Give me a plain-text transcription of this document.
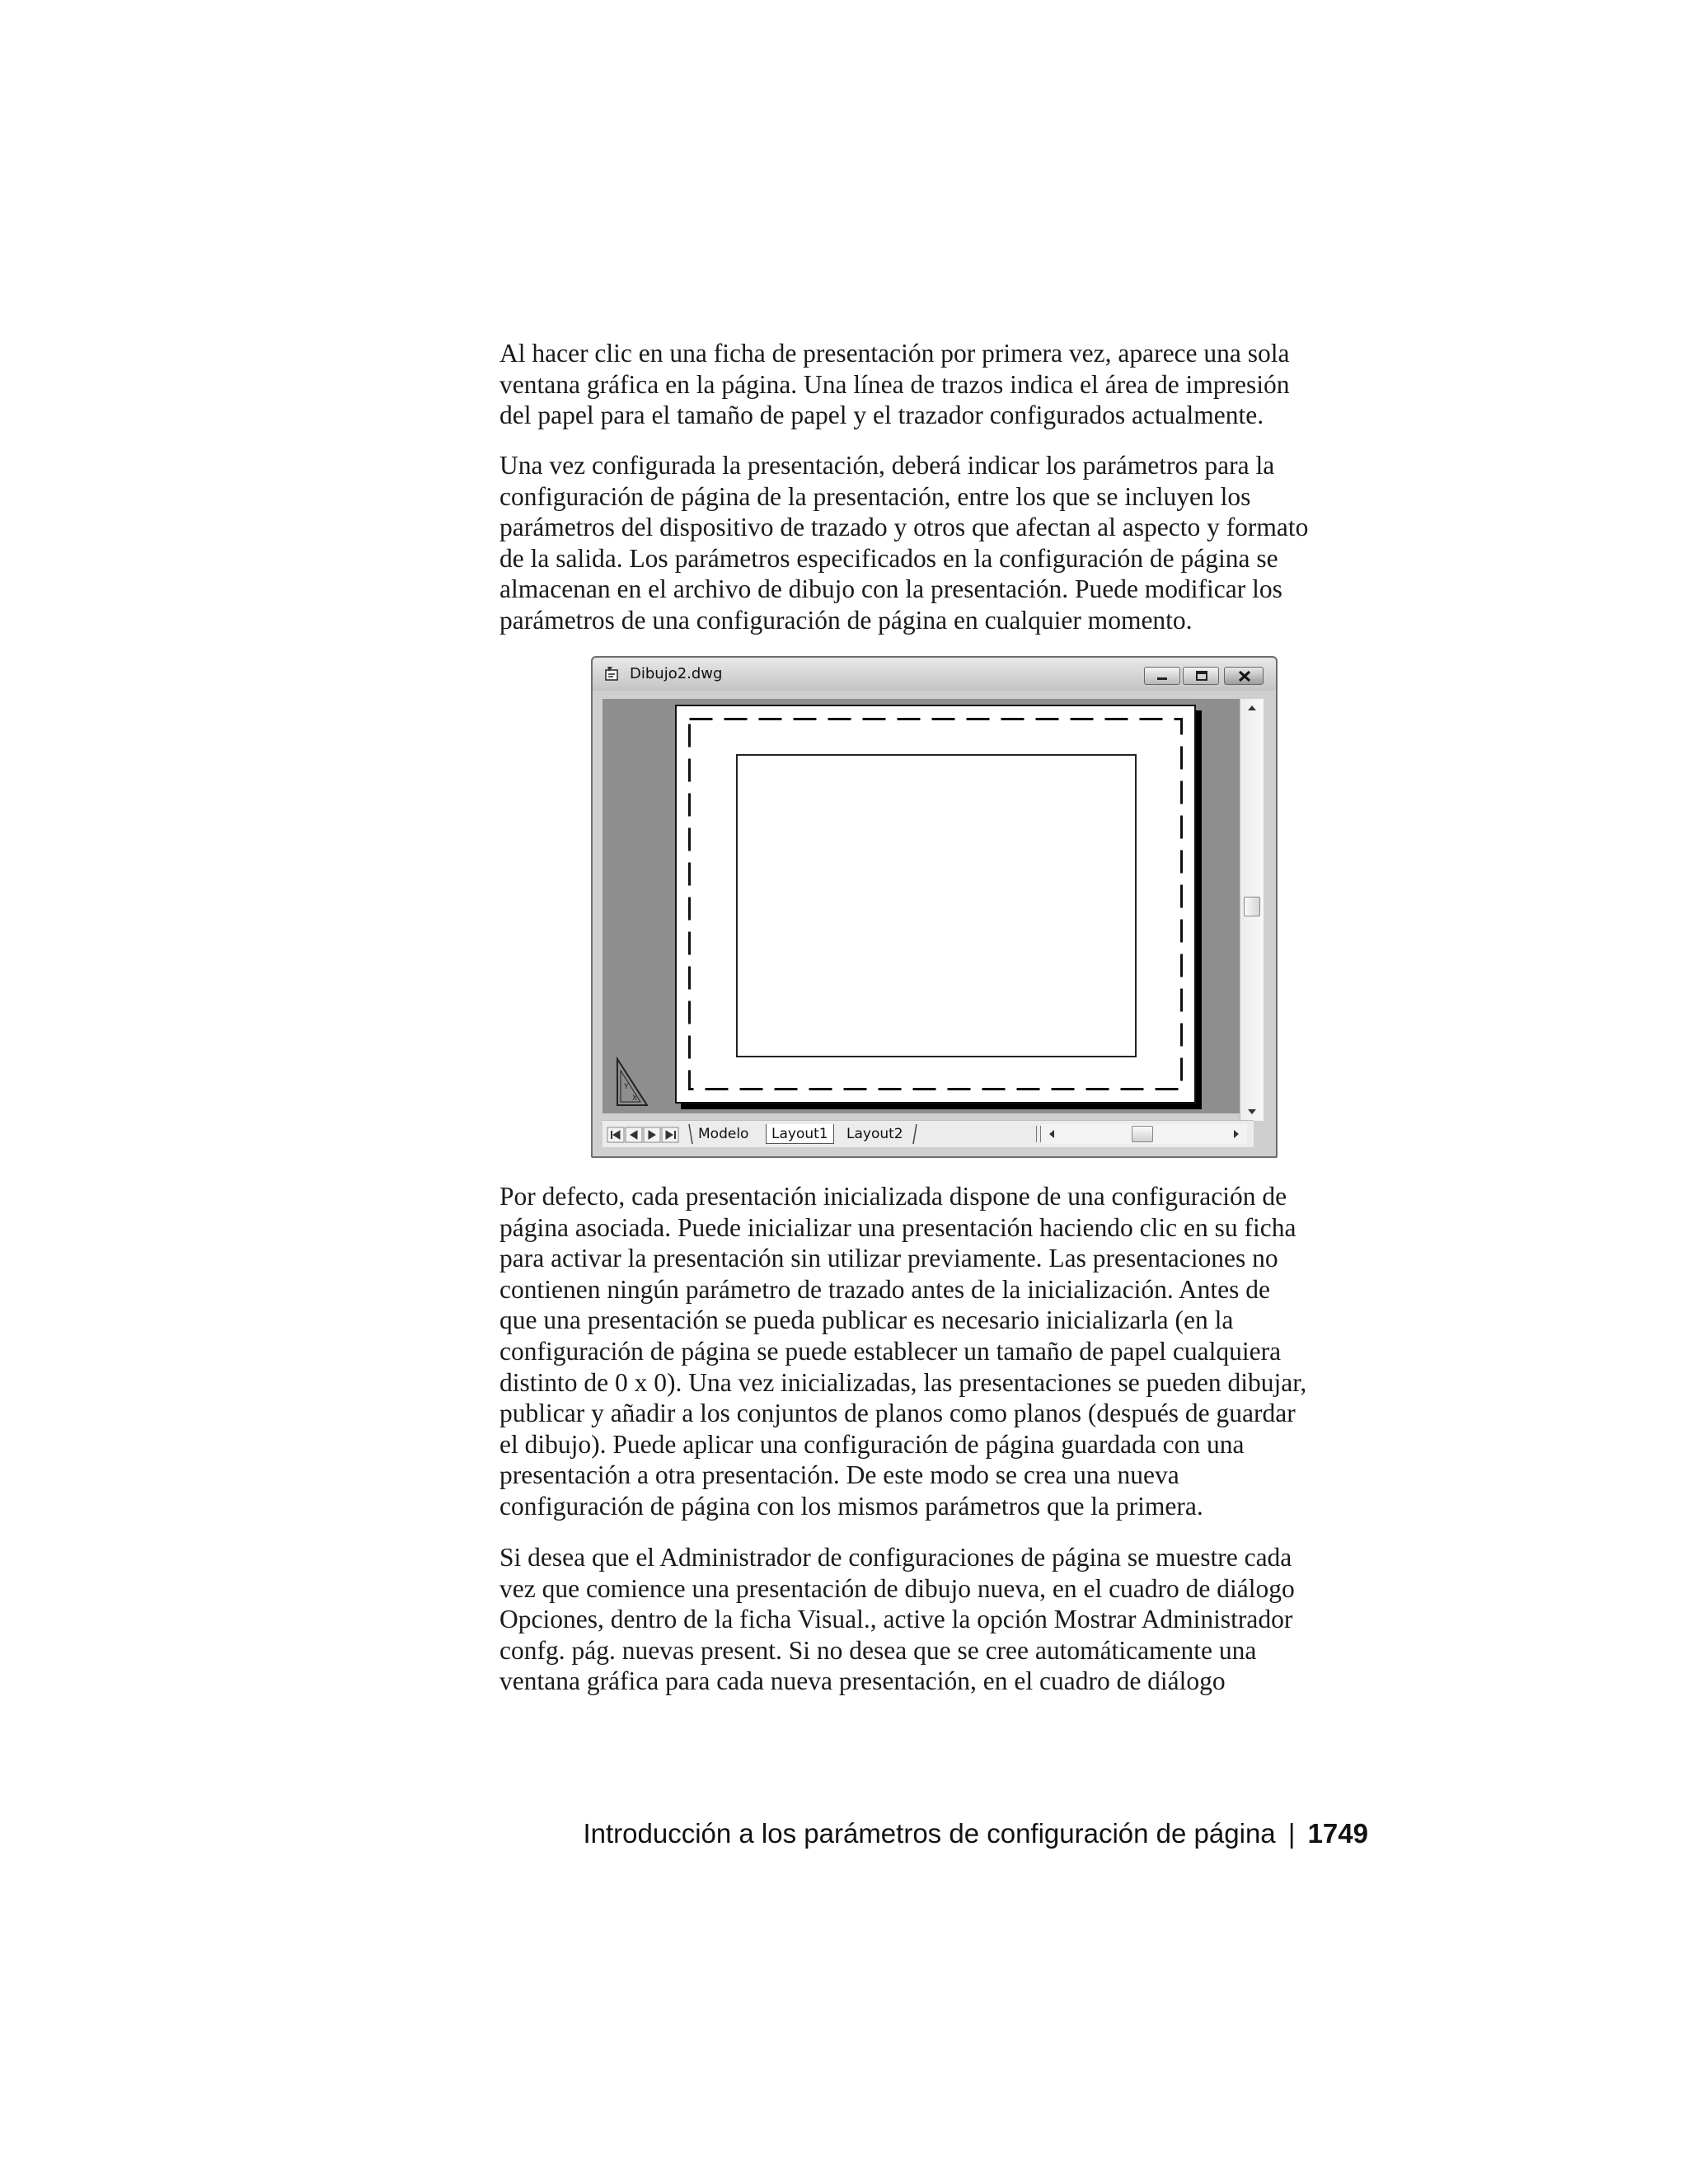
Al hacer clic en una ficha de presentación por primera vez, aparece una sola
ventana gráfica en la página. Una línea de trazos indica el área de impresión
del papel para el tamaño de papel y el trazador configurados actualmente.
Una vez configurada la presentación, deberá indicar los parámetros para la
configuración de página de la presentación, entre los que se incluyen los
parámetros del dispositivo de trazado y otros que afectan al aspecto y formato
de la salida. Los parámetros especificados en la configuración de página se
almacenan en el archivo de dibujo con la presentación. Puede modificar los
parámetros de una configuración de página en cualquier momento.
Dibujo2.dwg
Y
X
Modelo	Layout1	Layout2
Por defecto, cada presentación inicializada dispone de una configuración de
página asociada. Puede inicializar una presentación haciendo clic en su ficha
para activar la presentación sin utilizar previamente. Las presentaciones no
contienen ningún parámetro de trazado antes de la inicialización. Antes de
que una presentación se pueda publicar es necesario inicializarla (en la
configuración de página se puede establecer un tamaño de papel cualquiera
distinto de 0 x 0). Una vez inicializadas, las presentaciones se pueden dibujar,
publicar y añadir a los conjuntos de planos como planos (después de guardar
el dibujo). Puede aplicar una configuración de página guardada con una
presentación a otra presentación. De este modo se crea una nueva
configuración de página con los mismos parámetros que la primera.
Si desea que el Administrador de configuraciones de página se muestre cada
vez que comience una presentación de dibujo nueva, en el cuadro de diálogo
Opciones, dentro de la ficha Visual., active la opción Mostrar Administrador
confg. pág. nuevas present. Si no desea que se cree automáticamente una
ventana gráfica para cada nueva presentación, en el cuadro de diálogo
Introducción a los parámetros de configuración de página | 1749
